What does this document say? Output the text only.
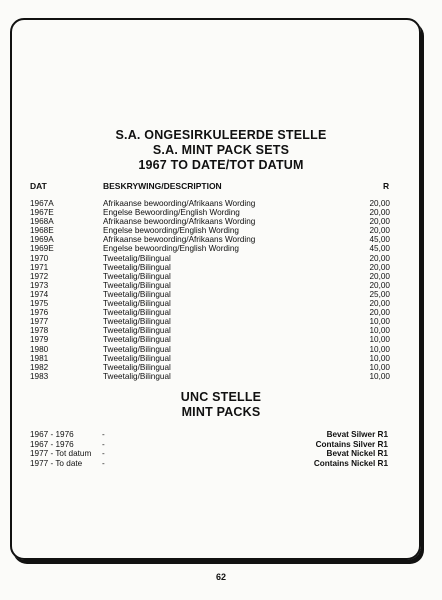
S.A. ONGESIRKULEERDE STELLE
S.A. MINT PACK SETS
1967 TO DATE/TOT DATUM
DAT	BESKRYWING/DESCRIPTION	R
1967A	Afrikaanse bewoording/Afrikaans Wording	20,00
1967E	Engelse Bewoording/English Wording	20,00
1968A	Afrikaanse bewoording/Afrikaans Wording	20,00
1968E	Engelse bewoording/English Wording	20,00
1969A	Afrikaanse bewoording/Afrikaans Wording	45,00
1969E	Engelse bewoording/English Wording	45,00
1970	Tweetalig/Bilingual	20,00
1971	Tweetalig/Bilingual	20,00
1972	Tweetalig/Bilingual	20,00
1973	Tweetalig/Bilingual	20,00
1974	Tweetalig/Bilingual	25,00
1975	Tweetalig/Bilingual	20,00
1976	Tweetalig/Bilingual	20,00
1977	Tweetalig/Bilingual	10,00
1978	Tweetalig/Bilingual	10,00
1979	Tweetalig/Bilingual	10,00
1980	Tweetalig/Bilingual	10,00
1981	Tweetalig/Bilingual	10,00
1982	Tweetalig/Bilingual	10,00
1983	Tweetalig/Bilingual	10,00
UNC STELLE
MINT PACKS
1967 - 1976	-	Bevat Silwer R1
1967 - 1976	-	Contains Silver R1
1977 - Tot datum -	Bevat Nickel R1
1977 - To date -	Contains Nickel R1
62
